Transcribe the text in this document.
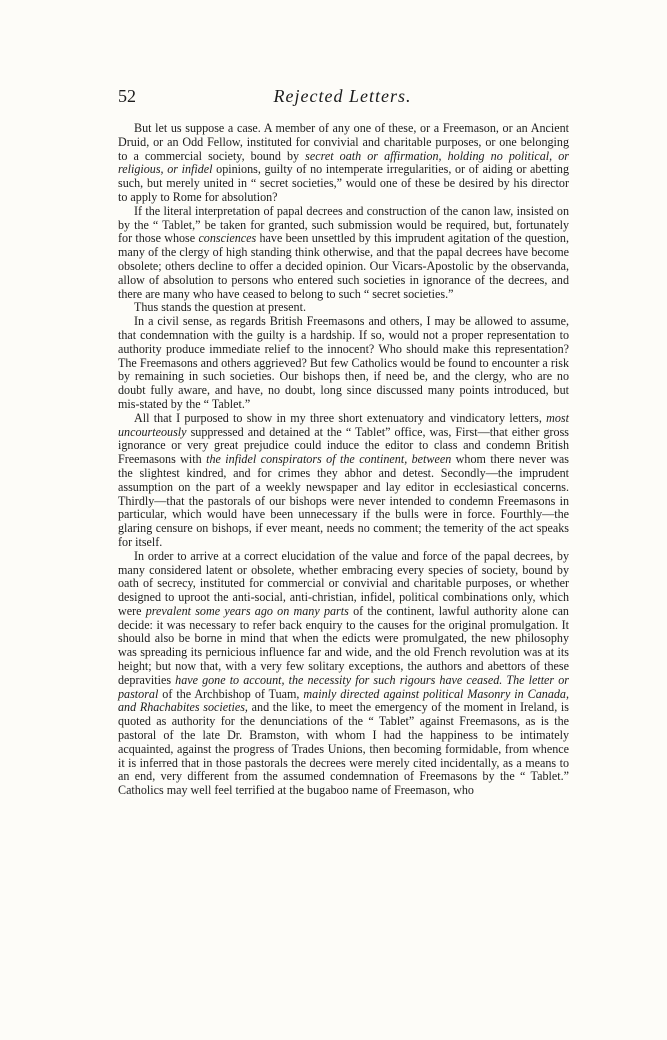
52	Rejected Letters.

But let us suppose a case. A member of any one of these, or a Freemason, or an Ancient Druid, or an Odd Fellow, instituted for convivial and charitable purposes, or one belonging to a commercial society, bound by secret oath or affirmation, holding no political, or religious, or infidel opinions, guilty of no intemperate irregularities, or of aiding or abetting such, but merely united in “ secret societies,” would one of these be desired by his director to apply to Rome for absolution?

If the literal interpretation of papal decrees and construction of the canon law, insisted on by the “ Tablet,” be taken for granted, such submission would be required, but, fortunately for those whose consciences have been unsettled by this imprudent agitation of the question, many of the clergy of high standing think otherwise, and that the papal decrees have become obsolete; others decline to offer a decided opinion. Our Vicars-Apostolic by the observanda, allow of absolution to persons who entered such societies in ignorance of the decrees, and there are many who have ceased to belong to such “ secret societies.”

Thus stands the question at present.

In a civil sense, as regards British Freemasons and others, I may be allowed to assume, that condemnation with the guilty is a hardship. If so, would not a proper representation to authority produce immediate relief to the innocent? Who should make this representation? The Freemasons and others aggrieved? But few Catholics would be found to encounter a risk by remaining in such societies. Our bishops then, if need be, and the clergy, who are no doubt fully aware, and have, no doubt, long since discussed many points introduced, but mis-stated by the “ Tablet.”

All that I purposed to show in my three short extenuatory and vindicatory letters, most uncourteously suppressed and detained at the “ Tablet” office, was, First—that either gross ignorance or very great prejudice could induce the editor to class and condemn British Freemasons with the infidel conspirators of the continent, between whom there never was the slightest kindred, and for crimes they abhor and detest. Secondly—the imprudent assumption on the part of a weekly newspaper and lay editor in ecclesiastical concerns. Thirdly—that the pastorals of our bishops were never intended to condemn Freemasons in particular, which would have been unnecessary if the bulls were in force. Fourthly—the glaring censure on bishops, if ever meant, needs no comment; the temerity of the act speaks for itself.

In order to arrive at a correct elucidation of the value and force of the papal decrees, by many considered latent or obsolete, whether embracing every species of society, bound by oath of secrecy, instituted for commercial or convivial and charitable purposes, or whether designed to uproot the anti-social, anti-christian, infidel, political combinations only, which were prevalent some years ago on many parts of the continent, lawful authority alone can decide: it was necessary to refer back enquiry to the causes for the original promulgation. It should also be borne in mind that when the edicts were promulgated, the new philosophy was spreading its pernicious influence far and wide, and the old French revolution was at its height; but now that, with a very few solitary exceptions, the authors and abettors of these depravities have gone to account, the necessity for such rigours have ceased. The letter or pastoral of the Archbishop of Tuam, mainly directed against political Masonry in Canada, and Rhachabites societies, and the like, to meet the emergency of the moment in Ireland, is quoted as authority for the denunciations of the “ Tablet” against Freemasons, as is the pastoral of the late Dr. Bramston, with whom I had the happiness to be intimately acquainted, against the progress of Trades Unions, then becoming formidable, from whence it is inferred that in those pastorals the decrees were merely cited incidentally, as a means to an end, very different from the assumed condemnation of Freemasons by the “ Tablet.” Catholics may well feel terrified at the bugaboo name of Freemason, who
